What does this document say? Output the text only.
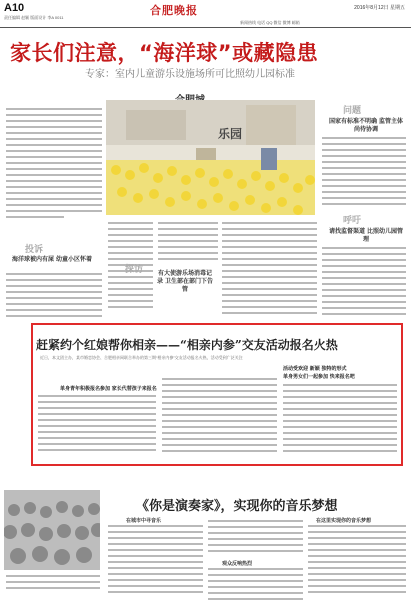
A10	合肥晚报	2016年8月12日 星期五
责任编辑 赵颖 版面设计 李A 0011
新闻热线 电话 QQ 微信 微博 邮箱
家长们注意，“海洋球”或藏隐患
专家：室内儿童游乐设施场所可比照幼儿园标准
乐园
问题
国家有标准不明确 监管主体尚待协调
呼吁
请找监督渠道 比照幼儿园管理
投诉
海洋球被内有屎 幼童小区怀着
探访	有大使游乐场消毒记录 卫生部在部门下告管
赶紧约个红娘帮你相亲——“相亲内参”交友活动报名火热
近日，本文团主办，某市婚恋协会、合肥相亲网联合举办的第三期“相亲内参”交友活动报名火热，活动受到广泛关注
单身青年积极报名参加 家长代替孩子来报名
活动受欢迎 新颖 独特的形式
单身男女们一起参加 快来报名吧
《你是演奏家》，实现你的音乐梦想
在城市中寻音乐
观众反响热烈
在这里实现你的音乐梦想
